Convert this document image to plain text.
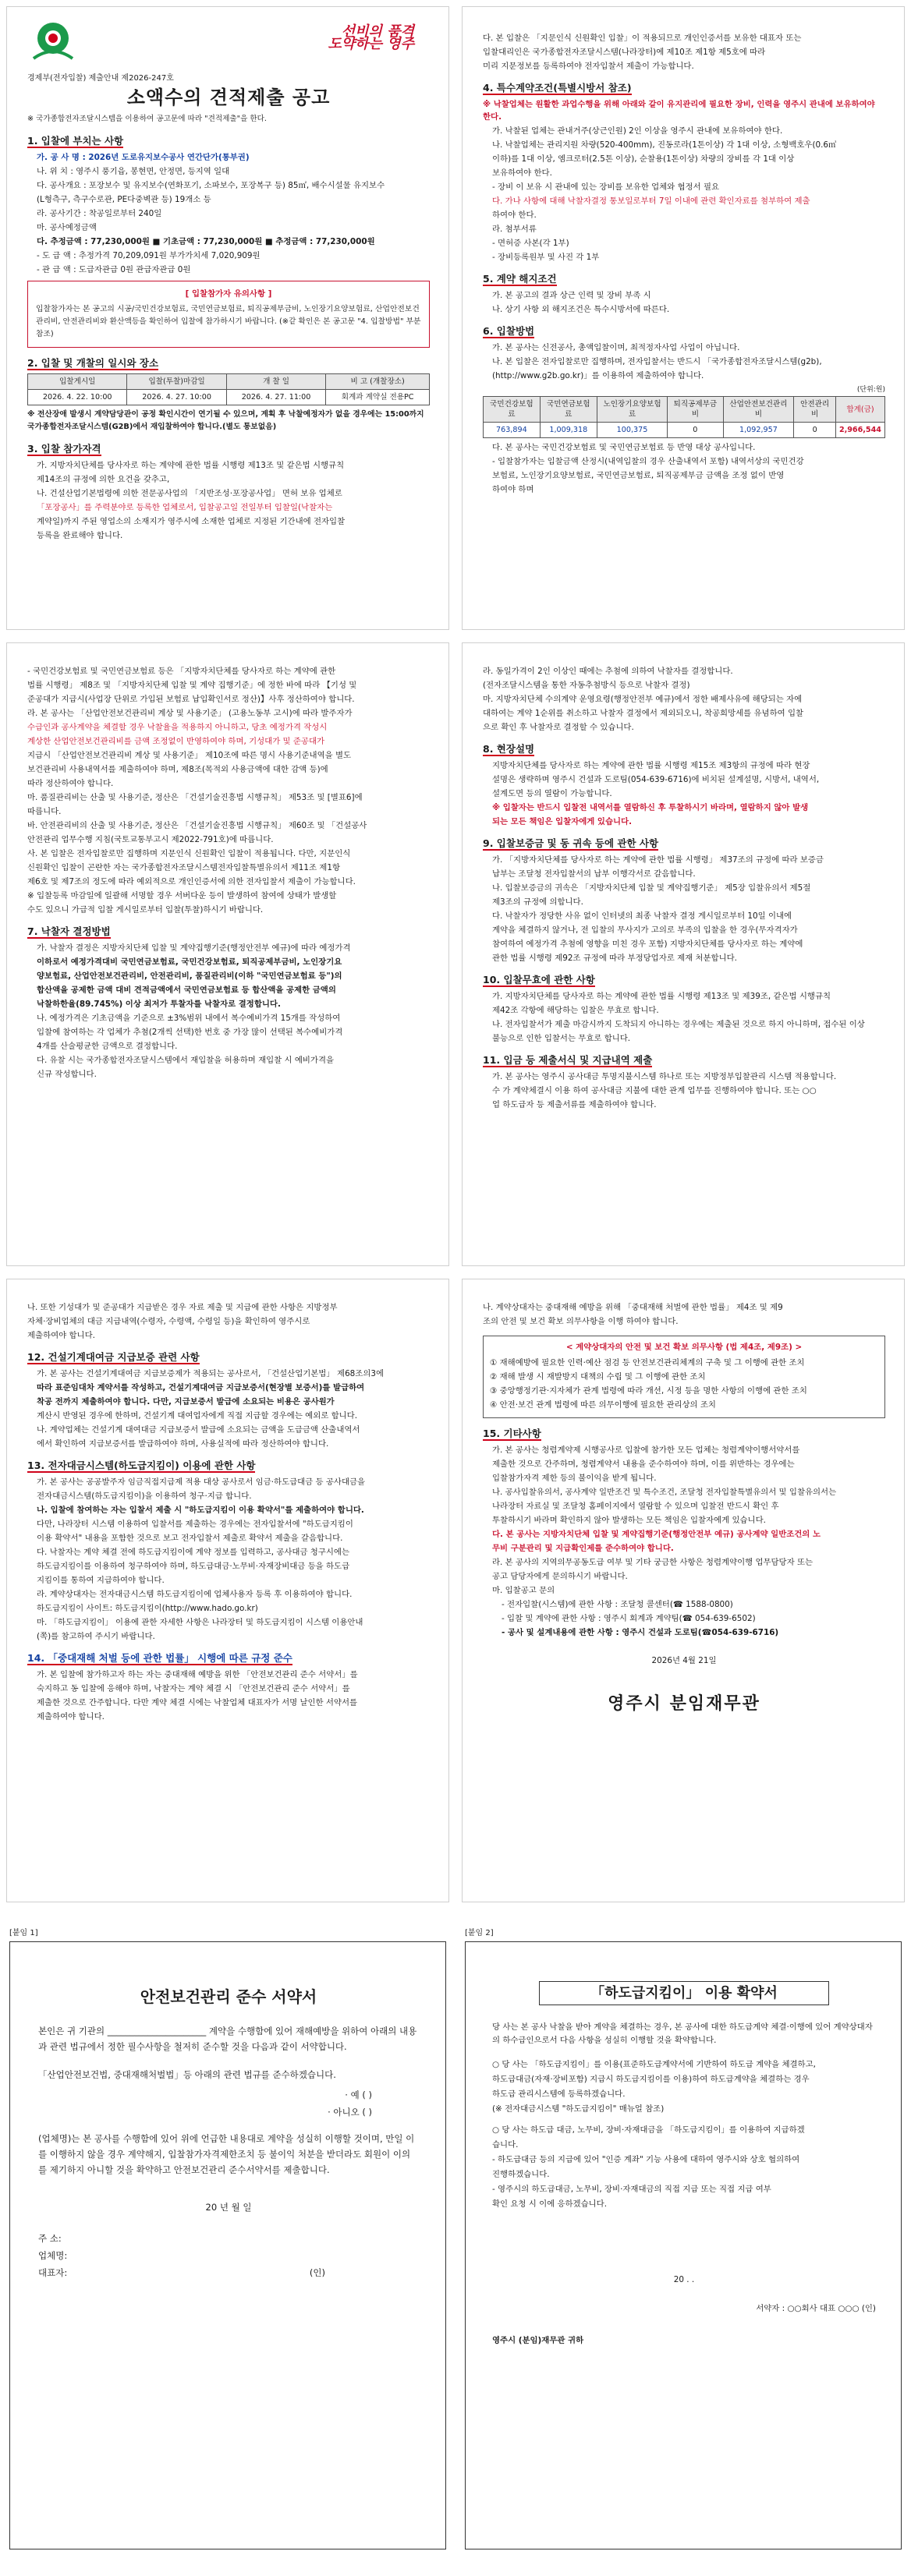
선비의 품격
도약하는 영주
경제부(전자입찰) 제출안내 제2026-247호
소액수의 견적제출 공고

※ 국가종합전자조달시스템을 이용하여 공고문에 따라 "견적제출"을 한다.

1. 입찰에 부치는 사항

가. 공 사 명 : 2026년 도로유지보수공사 연간단가(통부권)

나. 위 치 : 영주시 풍기읍, 봉현면, 안정면, 등지역 일대

다. 공사개요 : 포장보수 및 유지보수(연화포기, 소파보수, 포장복구 등) 85㎡, 배수시설물 유지보수

(L형측구, 측구수로관, PE다중벽관 등) 19개소 등

라. 공사기간 : 착공일로부터 240일

마. 공사예정금액

다. 추정금액 : 77,230,000원 ■ 기초금액 : 77,230,000원 ■ 추정금액 : 77,230,000원

- 도 급 액 : 추정가격 70,209,091원 부가가치세 7,020,909원

- 관 급 액 : 도급자관급 0원 관급자관급 0원

[ 입찰참가자 유의사항 ]
입찰참가자는 본 공고의 시공/국민건강보험료, 국민연금보험료, 퇴직공제부금비, 노인장기요양보험료, 산업안전보건관리비, 안전관리비와 환산액등을 확인하여 입찰에 참가하시기 바랍니다. (※같 확인은 본 공고문 "4. 입찰방법" 부분 참조)
2. 입찰 및 개찰의 일시와 장소
입찰게시일	입찰(투찰)마감일	개 찰 일	비 고 (개찰장소)
2026. 4. 22. 10:00	2026. 4. 27. 10:00	2026. 4. 27. 11:00	회계과 계약실 전용PC

※ 전산장애 발생시 계약담당관이 공정 확인시간이 연기될 수 있으며, 계획 후 낙찰예정자가 없을 경우에는 15:00까지 국가종합전자조달시스템(G2B)에서 재입찰하여야 합니다.(별도 통보없음)

3. 입찰 참가자격

가. 지방자치단체를 당사자로 하는 계약에 관한 법률 시행령 제13조 및 같은법 시행규칙

제14조의 규정에 의한 요건을 갖추고,

나. 건설산업기본법령에 의한 전문공사업의 「지반조성·포장공사업」 면허 보유 업체로

「포장공사」를 주력분야로 등록한 업체로서, 입찰공고일 전일부터 입찰일(낙찰자는

계약일)까지 주된 영업소의 소재지가 영주시에 소재한 업체로 지정된 기간내에 전자입찰

등록을 완료해야 합니다.

다. 본 입찰은 「지문인식 신원확인 입찰」이 적용되므로 개인인증서를 보유한 대표자 또는

입찰대리인은 국가종합전자조달시스템(나라장터)에 제10조 제1항 제5호에 따라

미리 지문정보를 등록하여야 전자입찰서 제출이 가능합니다.

4. 특수계약조건(특별시방서 참조)

※ 낙찰업체는 원활한 과업수행을 위해 아래와 같이 유지관리에 필요한 장비, 인력을 영주시 관내에 보유하여야 한다.

가. 낙찰된 업체는 관내거주(상근인원) 2인 이상을 영주시 관내에 보유하여야 한다.

나. 낙찰업체는 관리지원 차량(520-400mm), 진동로라(1톤이상) 각 1대 이상, 소형백호우(0.6㎥

이하)를 1대 이상, 엠크로터(2.5톤 이상), 순찰용(1톤이상) 차량의 장비를 각 1대 이상

보유하여야 한다.

- 장비 이 보유 시 관내에 있는 장비를 보유한 업체와 협정서 필요

다. 가나 사항에 대해 낙찰자결정 통보일로부터 7일 이내에 관련 확인자료를 첨부하여 제출

하여야 한다.

라. 첨부서류

- 면허증 사본(각 1부)

- 장비등록원부 및 사진 각 1부

5. 계약 해지조건

가. 본 공고의 결과 상근 인력 및 장비 부족 시

나. 상기 사항 외 해지조건은 특수시방서에 따른다.

6. 입찰방법

가. 본 공사는 신전공사, 총액입찰이며, 최적정자사업 사업이 아닙니다.

나. 본 입찰은 전자입찰로만 집행하며, 전자입찰서는 반드시 「국가종합전자조달시스템(g2b),

(http://www.g2b.go.kr)」를 이용하여 제출하여야 합니다.

(단위:원)
국민건강보험료	국민연금보험료	노인장기요양보험료	퇴직공제부금비	산업안전보건관리비	안전관리비	합계(금)
763,894	1,009,318	100,375	0	1,092,957	0	2,966,544

다. 본 공사는 국민건강보험료 및 국민연금보험료 등 반영 대상 공사입니다.

- 입찰참가자는 입찰금액 산정시(내역입찰의 경우 산출내역서 포함) 내역서상의 국민건강

보험료, 노인장기요양보험료, 국민연금보험료, 퇴직공제부금 금액을 조정 없이 반영

하여야 하며

- 국민건강보험료 및 국민연금보험료 등은 「지방자치단체를 당사자로 하는 계약에 관한

법률 시행령」 제8조 및 「지방자치단체 입찰 및 계약 집행기준」에 정한 바에 따라 【기성 및

준공대가 지급시(사업장 단위로 가입된 보험료 납입확인서로 정산)】사후 정산하여야 합니다.

라. 본 공사는 「산업안전보건관리비 계상 및 사용기준」 (고용노동부 고시)에 따라 발주자가

수급인과 공사계약을 체결할 경우 낙찰율을 적용하지 아니하고, 당초 예정가격 작성시

계상한 산업안전보건관리비를 금액 조정없이 반영하여야 하며, 기성대가 및 준공대가

지급시 「산업안전보건관리비 계상 및 사용기준」 제10조에 따른 명시 사용기준내역을 별도

보건관리비 사용내역서를 제출하여야 하며, 제8조(목적외 사용금액에 대한 감액 등)에

따라 정산하여야 합니다.

마. 품질관리비는 산출 및 사용기준, 정산은 「건설기술진흥법 시행규칙」 제53조 및 [별표6]에

따릅니다.

바. 안전관리비의 산출 및 사용기준, 정산은 「건설기술진흥법 시행규칙」 제60조 및 「건설공사

안전관리 업무수행 지침(국토교통부고시 제2022-791호)에 따릅니다.

사. 본 입찰은 전자입찰로만 집행하며 지문인식 신원확인 입찰이 적용됩니다. 다만, 지문인식

신원확인 입찰이 곤란한 자는 국가종합전자조달시스템전자입찰특별유의서 제11조 제1항

제6호 및 제7조의 정도에 따라 예외적으로 개인인증서에 의한 전자입찰서 제출이 가능합니다.

※ 입찰등록 마감일에 일괄해 서명할 경우 서버다운 등이 발생하여 참여에 상태가 발생할

수도 있으니 가급적 입찰 게시일로부터 입찰(투찰)하시기 바랍니다.

7. 낙찰자 결정방법

가. 낙찰자 결정은 지방자치단체 입찰 및 계약집행기준(행정안전부 예규)에 따라 예정가격

이하로서 예정가격대비 국민연금보험료, 국민건강보험료, 퇴직공제부금비, 노인장기요

양보험료, 산업안전보건관리비, 안전관리비, 품질관리비(이하 "국민연금보험료 등")의

합산액을 공제한 금액 대비 견적금액에서 국민연금보험료 등 합산액을 공제한 금액의

낙찰하한율(89.745%) 이상 최저가 투찰자를 낙찰자로 결정합니다.

나. 예정가격은 기초금액을 기준으로 ±3%범위 내에서 복수예비가격 15개를 작성하여

입찰에 참여하는 각 업체가 추첨(2개씩 선택)한 번호 중 가장 많이 선택된 복수예비가격

4개를 산술평균한 금액으로 결정합니다.

다. 유찰 시는 국가종합전자조달시스템에서 재입찰을 허용하며 재입찰 시 예비가격을

신규 작성합니다.

라. 동일가격이 2인 이상인 때에는 추첨에 의하여 낙찰자를 결정합니다.

(전자조달시스템을 통한 자동추첨방식 등으로 낙찰자 결정)

마. 지방자치단체 수의계약 운영요령(행정안전부 예규)에서 정한 배제사유에 해당되는 자에

대하여는 계약 1순위를 취소하고 낙찰자 결정에서 제외되오니, 착공희망세를 유념하여 입찰

으로 확인 후 낙찰자로 결정할 수 있습니다.

8. 현장설명

지방자치단체를 당사자로 하는 계약에 관한 법률 시행령 제15조 제3항의 규정에 따라 현장

설명은 생략하며 영주시 건설과 도로팀(054-639-6716)에 비치된 설계설명, 시방서, 내역서,

설계도면 등의 열람이 가능합니다.

※ 입찰자는 반드시 입찰전 내역서를 열람하신 후 투찰하시기 바라며, 열람하지 않아 발생

되는 모든 책임은 입찰자에게 있습니다.

9. 입찰보증금 및 동 귀속 등에 관한 사항

가. 「지방자치단체를 당사자로 하는 계약에 관한 법률 시행령」 제37조의 규정에 따라 보증금

납부는 조달청 전자입찰서의 납부 이행각서로 갈음합니다.

나. 입찰보증금의 귀속은 「지방자치단체 입찰 및 계약집행기준」 제5장 입찰유의서 제5절

제3조의 규정에 의합니다.

다. 낙찰자가 정당한 사유 없이 인터넷의 최종 낙찰자 결정 게시일로부터 10일 이내에

계약을 체결하지 않거나, 전 입찰의 무사지가 고의로 부족의 입찰을 한 경우(무자격자가

참여하여 예정가격 추첨에 영향을 미친 경우 포함) 지방자치단체를 당사자로 하는 계약에

관한 법률 시행령 제92조 규정에 따라 부정당업자로 제재 처분합니다.

10. 입찰무효에 관한 사항

가. 지방자치단체를 당사자로 하는 계약에 관한 법률 시행령 제13조 및 제39조, 같은법 시행규칙

제42조 각항에 해당하는 입찰은 무효로 합니다.

나. 전자입찰서가 제출 마감시까지 도착되지 아니하는 경우에는 제출된 것으로 하지 아니하며, 접수된 이상

불능으로 인한 입찰서는 무효로 합니다.

11. 입금 등 제출서식 및 지급내역 제출

가. 본 공사는 영주시 공사대금 투명지불시스템 하나로 또는 지방정부입찰관리 시스템 적용합니다.

수 가 계약체결시 이용 하여 공사대금 지불에 대한 관계 업무를 진행하여야 합니다. 또는 ○○

업 하도급자 등 제출서류를 제출하여야 합니다.

나. 또한 기성대가 및 준공대가 지급받은 경우 자료 제출 및 지급에 관한 사항은 지방정부

자체·장비업체의 대금 지급내역(수령자, 수령액, 수령일 등)을 확인하여 영주시로

제출하여야 합니다.

12. 건설기계대여금 지급보증 관련 사항

가. 본 공사는 건설기계대여금 지급보증제가 적용되는 공사로서, 「건설산업기본법」 제68조의3에

따라 표준임대차 계약서를 작성하고, 건설기계대여금 지급보증서(현장별 보증서)를 발급하여

착공 전까지 제출하여야 합니다. 다만, 지급보증서 발급에 소요되는 비용은 공사원가

계산시 반영된 경우에 한하며, 건설기계 대여업자에게 직접 지급할 경우에는 예외로 합니다.

나. 계약업체는 건설기계 대여대금 지급보증서 발급에 소요되는 금액을 도급금액 산출내역서

에서 확인하여 지급보증서를 발급하여야 하며, 사용실적에 따라 정산하여야 합니다.

13. 전자대금시스템(하도급지킴이) 이용에 관한 사항

가. 본 공사는 공공발주자 임금직접지급제 적용 대상 공사로서 임금·하도급대금 등 공사대금을

전자대금시스템(하도급지킴이)을 이용하여 청구·지급 합니다.

나. 입찰에 참여하는 자는 입찰서 제출 시 "하도급지킴이 이용 확약서"를 제출하여야 합니다.

다만, 나라장터 시스템 이용하여 입찰서를 제출하는 경우에는 전자입찰서에 "하도급지킴이

이용 확약서" 내용을 포함한 것으로 보고 전자입찰서 제출로 확약서 제출을 갈음합니다.

다. 낙찰자는 계약 체결 전에 하도급지킴이에 계약 정보를 입력하고, 공사대금 청구시에는

하도급지킴이를 이용하여 청구하여야 하며, 하도급대금·노무비·자재장비대금 등을 하도급

지킴이를 통하여 지급하여야 합니다.

라. 계약상대자는 전자대금시스템 하도급지킴이에 업체사용자 등록 후 이용하여야 합니다.

하도급지킴이 사이트: 하도급지킴이(http://www.hado.go.kr)

마. 「하도급지킴이」 이용에 관한 자세한 사항은 나라장터 및 하도급지킴이 시스템 이용안내

(쪽)를 참고하여 주시기 바랍니다.

14. 「중대재해 처벌 등에 관한 법률」 시행에 따른 규정 준수

가. 본 입찰에 참가하고자 하는 자는 중대재해 예방을 위한 「안전보건관리 준수 서약서」를

숙지하고 동 입찰에 응해야 하며, 낙찰자는 계약 체결 시 「안전보건관리 준수 서약서」를

제출한 것으로 간주합니다. 다만 계약 체결 시에는 낙찰업체 대표자가 서명 날인한 서약서를

제출하여야 합니다.

나. 계약상대자는 중대재해 예방을 위해 「중대재해 처벌에 관한 법률」 제4조 및 제9

조의 안전 및 보건 확보 의무사항을 이행 하여야 합니다.

< 계약상대자의 안전 및 보건 확보 의무사항 (법 제4조, 제9조) >

① 재해예방에 필요한 인력·예산 점검 등 안전보건관리체계의 구축 및 그 이행에 관한 조치

② 재해 발생 시 재발방지 대책의 수립 및 그 이행에 관한 조치

③ 중앙행정기관·지자체가 관계 법령에 따라 개선, 시정 등을 명한 사항의 이행에 관한 조치

④ 안전·보건 관계 법령에 따른 의무이행에 필요한 관리상의 조치

15. 기타사항

가. 본 공사는 청렴계약제 시행공사로 입찰에 참가한 모든 업체는 청렴계약이행서약서를

제출한 것으로 간주하며, 청렴계약서 내용을 준수하여야 하며, 이를 위반하는 경우에는

입찰참가자격 제한 등의 불이익을 받게 됩니다.

나. 공사입찰유의서, 공사계약 일반조건 및 특수조건, 조달청 전자입찰특별유의서 및 입찰유의서는

나라장터 자료실 및 조달청 홈페이지에서 열람할 수 있으며 입찰전 반드시 확인 후

투찰하시기 바라며 확인하지 않아 발생하는 모든 책임은 입찰자에게 있습니다.

다. 본 공사는 지방자치단체 입찰 및 계약집행기준(행정안전부 예규) 공사계약 일반조건의 노

무비 구분관리 및 지급확인제를 준수하여야 합니다.

라. 본 공사의 지역의무공동도급 여부 및 기타 궁금한 사항은 청렴계약이행 업무담당자 또는

공고 담당자에게 문의하시기 바랍니다.

마. 입찰공고 문의

- 전자입찰(시스템)에 관한 사항 : 조달청 콜센터(☎ 1588-0800)

- 입찰 및 계약에 관한 사항 : 영주시 회계과 계약팀(☎ 054-639-6502)

- 공사 및 설계내용에 관한 사항 : 영주시 건설과 도로팀(☎054-639-6716)

2026년 4월 21일
영주시 분임재무관
[붙임 1]
안전보건관리 준수 서약서

본인은 귀 기관의 ______________________ 계약을 수행함에 있어 재해예방을 위하여 아래의 내용과 관련 법규에서 정한 필수사항을 철저히 준수할 것을 다음과 같이 서약합니다.

「산업안전보건법, 중대재해처벌법」등 아래의 관련 법규를 준수하겠습니다.

· 예 ( )

· 아니오 ( )

(업체명)는 본 공사를 수행함에 있어 위에 언급한 내용대로 계약을 성실히 이행할 것이며, 만일 이를 이행하지 않을 경우 계약해지, 입찰참가자격제한조치 등 불이익 처분을 받더라도 회원이 이의를 제기하지 아니할 것을 확약하고 안전보건관리 준수서약서를 제출합니다.

20 년 월 일

주 소:

업체명:

대표자:	(인)
[붙임 2]
「하도급지킴이」 이용 확약서

당 사는 본 공사 낙찰을 받아 계약을 체결하는 경우, 본 공사에 대한 하도급계약 체결·이행에 있어 계약상대자의 하수급인으로서 다음 사항을 성실히 이행할 것을 확약합니다.

○ 당 사는 「하도급지킴이」를 이용(표준하도급계약서에 기반하여 하도급 계약을 체결하고,

하도급대금(자재·장비포함) 지급시 하도급지킴이를 이용)하여 하도급계약을 체결하는 경우

하도급 관리시스템에 등록하겠습니다.

(※ 전자대금시스템 "하도급지킴이" 매뉴얼 참조)

○ 당 사는 하도급 대금, 노무비, 장비·자재대금을 「하도급지킴이」를 이용하여 지급하겠

습니다.

- 하도급대금 등의 지급에 있어 "인증 계좌" 기능 사용에 대하여 영주시와 상호 협의하여

진행하겠습니다.

- 영주시의 하도급대금, 노무비, 장비·자재대금의 직접 지급 또는 직접 지급 여부

확인 요청 시 이에 응하겠습니다.

20 . .
서약자 : ○○회사 대표 ○○○ (인)
영주시 (분임)재무관 귀하
